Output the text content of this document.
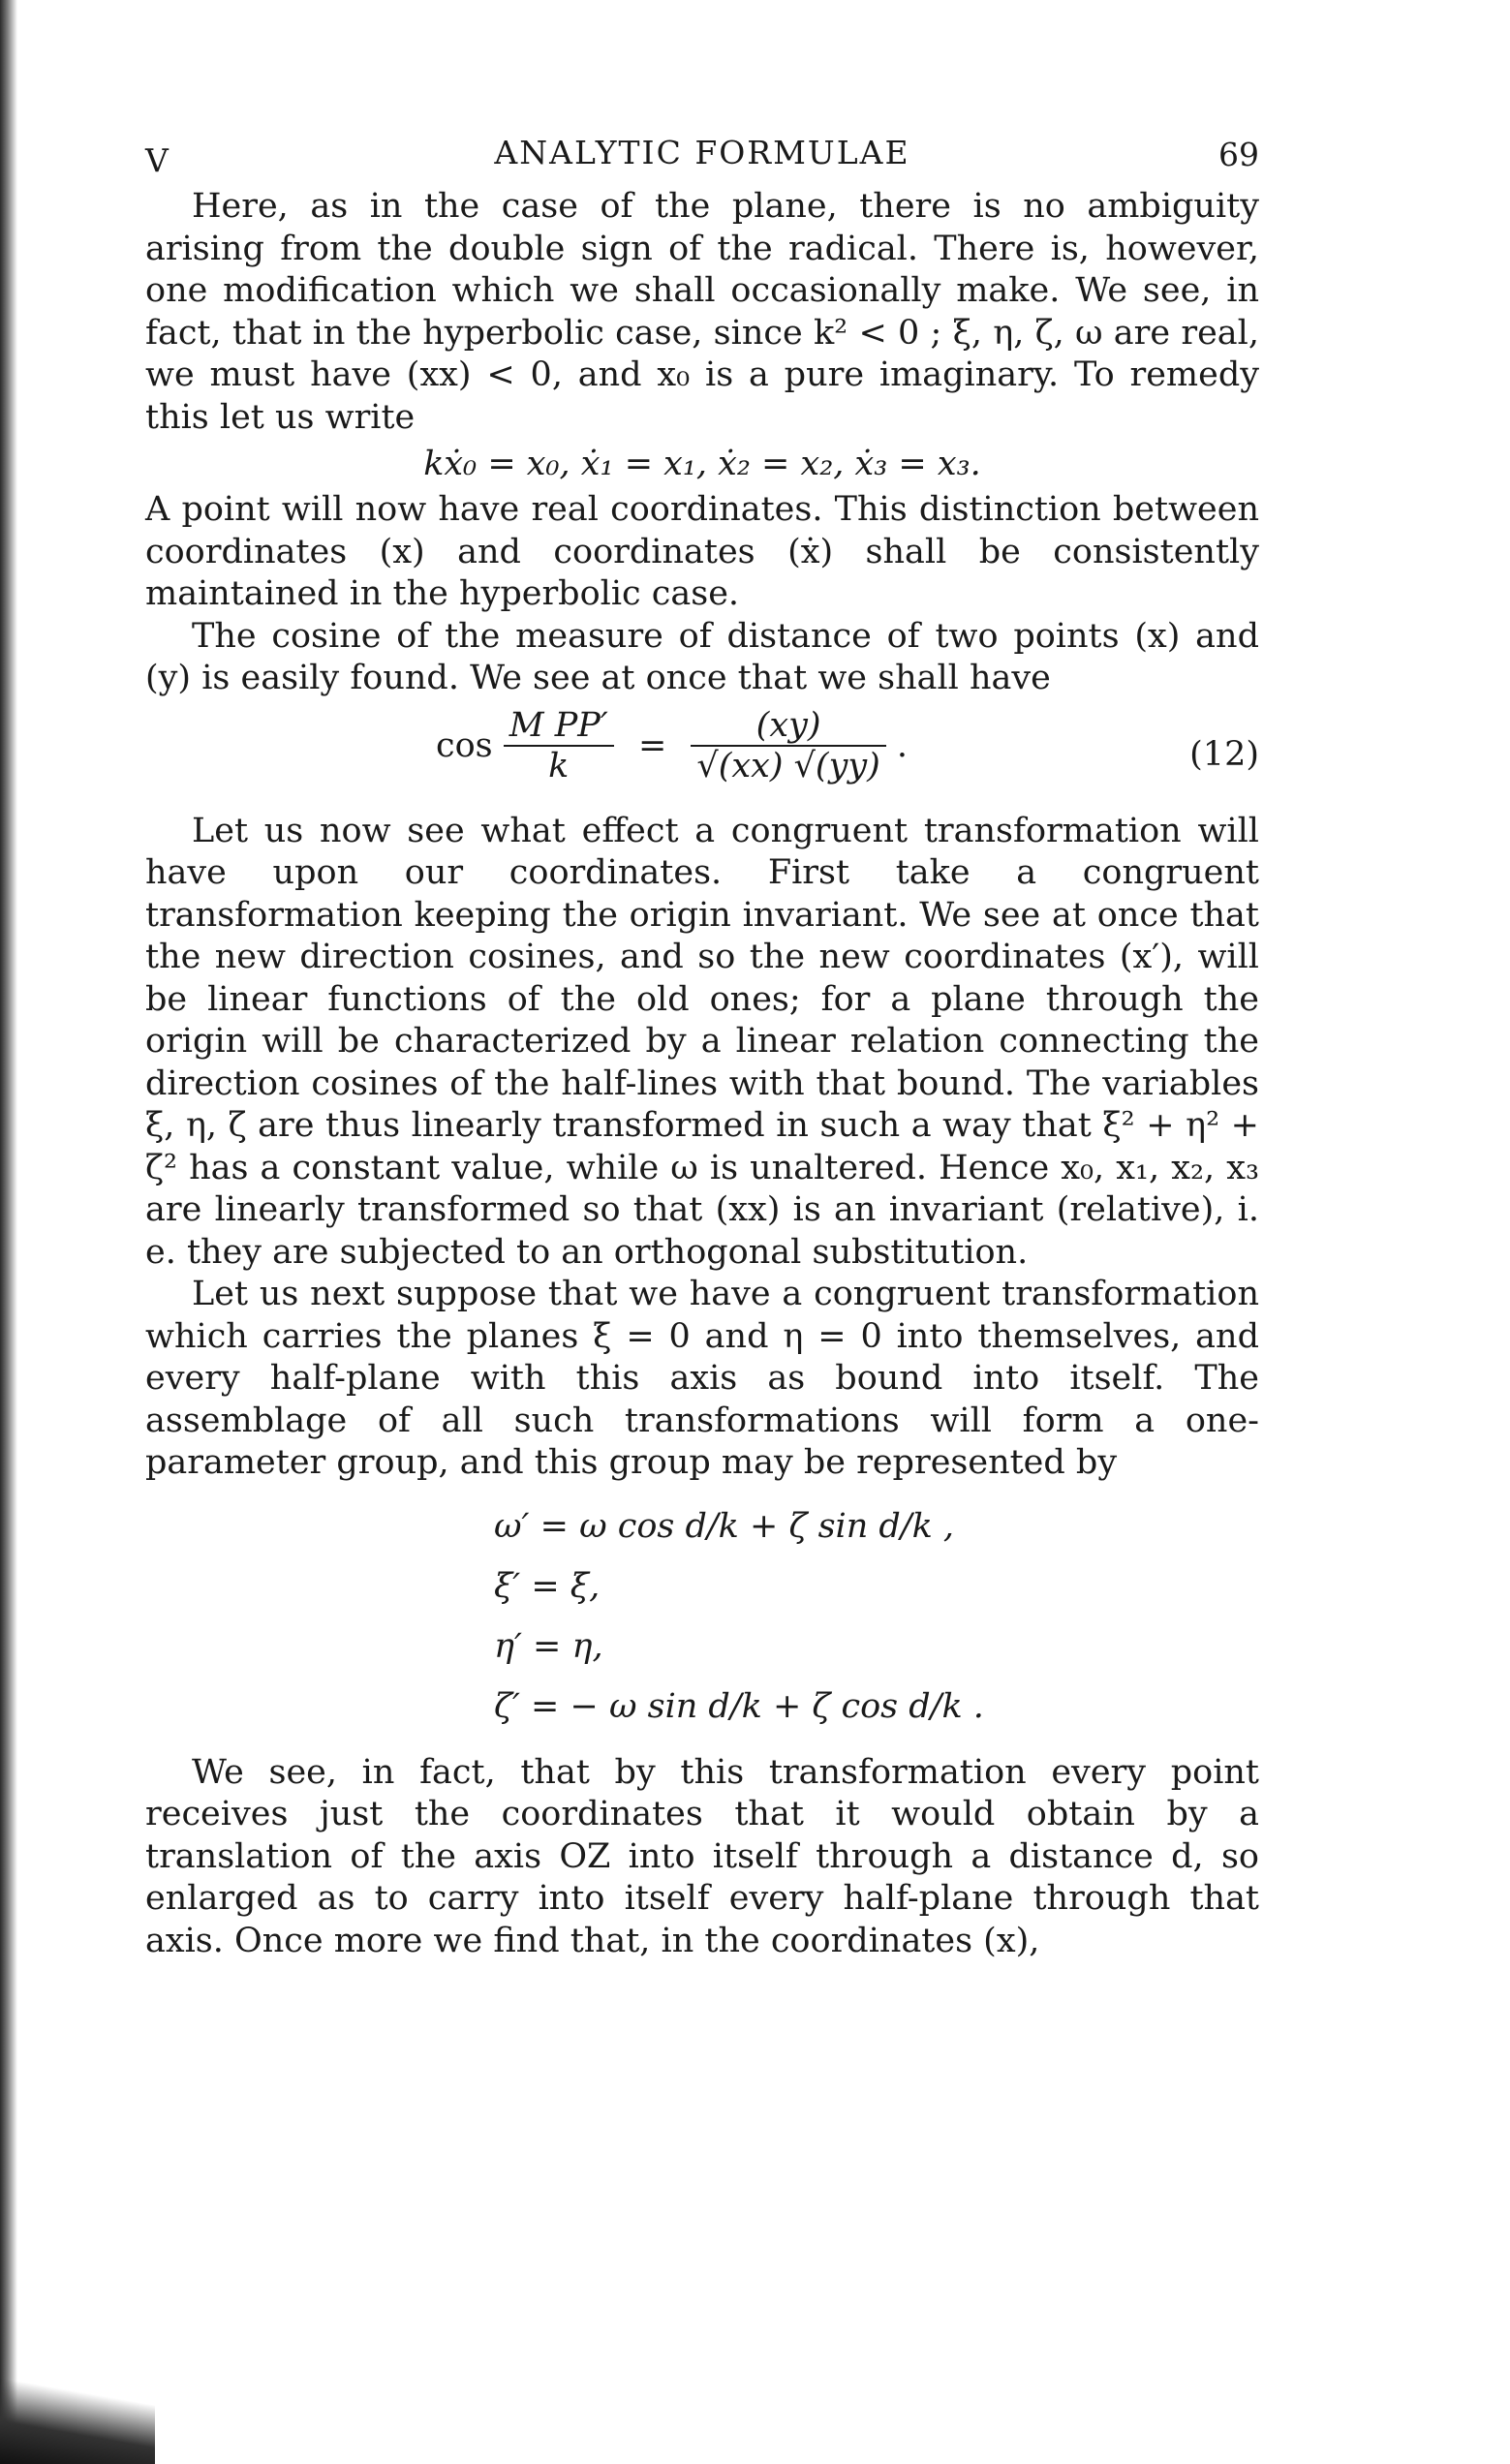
V	ANALYTIC FORMULAE	69

Here, as in the case of the plane, there is no ambiguity arising from the double sign of the radical. There is, however, one modification which we shall occasionally make. We see, in fact, that in the hyperbolic case, since k² < 0 ; ξ, η, ζ, ω are real, we must have (xx) < 0, and x₀ is a pure imaginary. To remedy this let us write

kẋ₀ = x₀, ẋ₁ = x₁, ẋ₂ = x₂, ẋ₃ = x₃.

A point will now have real coordinates. This distinction between coordinates (x) and coordinates (ẋ) shall be consistently maintained in the hyperbolic case.

The cosine of the measure of distance of two points (x) and (y) is easily found. We see at once that we shall have

$\cos \frac{\text{M PP′}}{k} = \frac{(xy)}{√(xx) √(yy)}$ .	(12)

Let us now see what effect a congruent transformation will have upon our coordinates. First take a congruent transformation keeping the origin invariant. We see at once that the new direction cosines, and so the new coordinates (x′), will be linear functions of the old ones; for a plane through the origin will be characterized by a linear relation connecting the direction cosines of the half-lines with that bound. The variables ξ, η, ζ are thus linearly transformed in such a way that ξ² + η² + ζ² has a constant value, while ω is unaltered. Hence x₀, x₁, x₂, x₃ are linearly transformed so that (xx) is an invariant (relative), i. e. they are subjected to an orthogonal substitution.

Let us next suppose that we have a congruent transformation which carries the planes ξ = 0 and η = 0 into themselves, and every half-plane with this axis as bound into itself. The assemblage of all such transformations will form a one-parameter group, and this group may be represented by

ω′ = ω cos d/k + ζ sin d/k ,
ξ′ = ξ,
η′ = η,
ζ′ = − ω sin d/k + ζ cos d/k .

We see, in fact, that by this transformation every point receives just the coordinates that it would obtain by a translation of the axis OZ into itself through a distance d, so enlarged as to carry into itself every half-plane through that axis. Once more we find that, in the coordinates (x),
